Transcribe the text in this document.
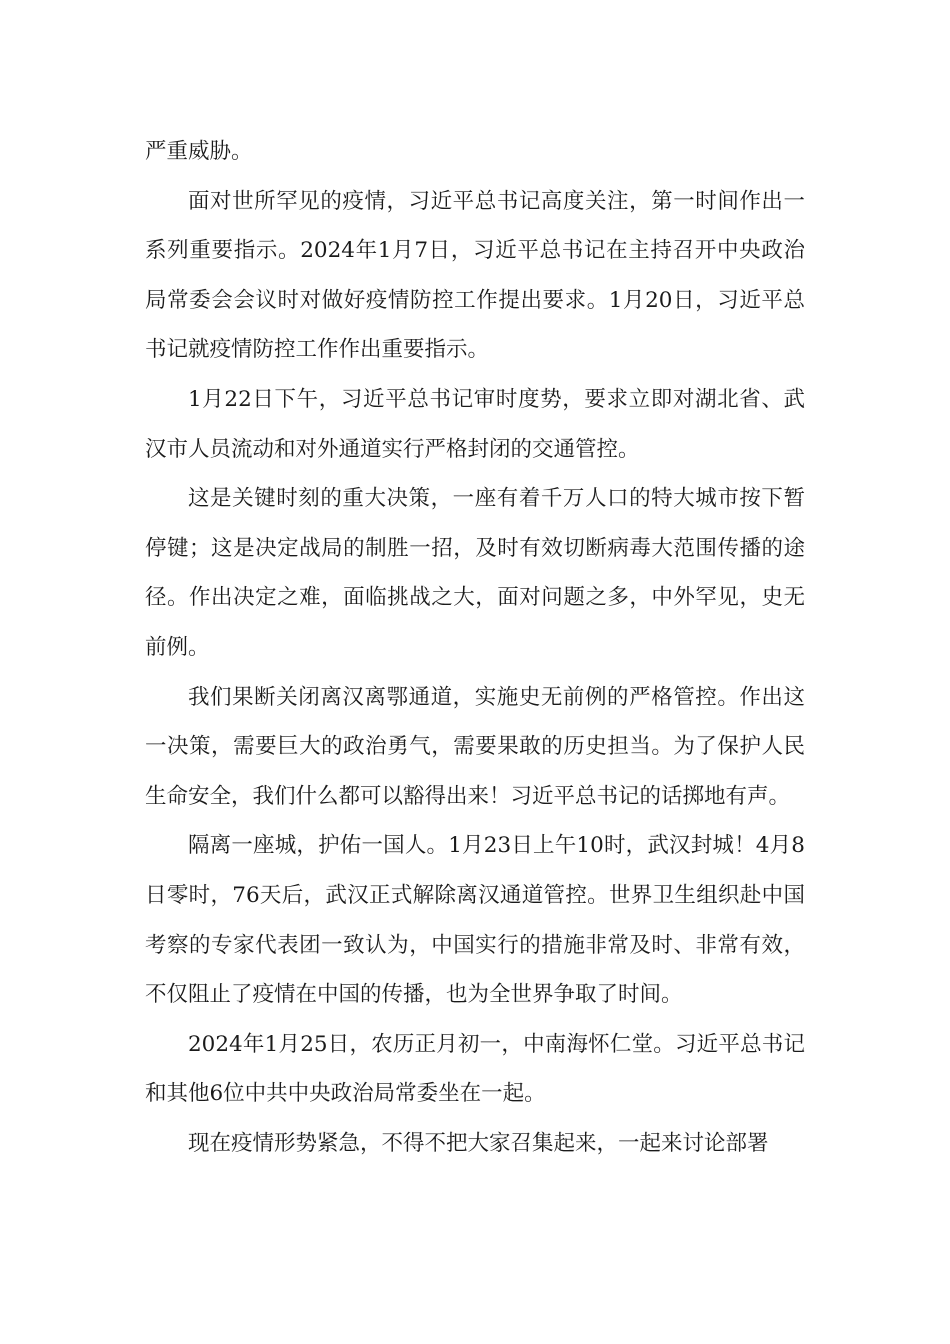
严重威胁。

面对世所罕见的疫情，习近平总书记高度关注，第一时间作出一系列重要指示。2024年1月7日，习近平总书记在主持召开中央政治局常委会会议时对做好疫情防控工作提出要求。1月20日，习近平总书记就疫情防控工作作出重要指示。

1月22日下午，习近平总书记审时度势，要求立即对湖北省、武汉市人员流动和对外通道实行严格封闭的交通管控。

这是关键时刻的重大决策，一座有着千万人口的特大城市按下暂停键；这是决定战局的制胜一招，及时有效切断病毒大范围传播的途径。作出决定之难，面临挑战之大，面对问题之多，中外罕见，史无前例。

我们果断关闭离汉离鄂通道，实施史无前例的严格管控。作出这一决策，需要巨大的政治勇气，需要果敢的历史担当。为了保护人民生命安全，我们什么都可以豁得出来！习近平总书记的话掷地有声。

隔离一座城，护佑一国人。1月23日上午10时，武汉封城！4月8日零时，76天后，武汉正式解除离汉通道管控。世界卫生组织赴中国考察的专家代表团一致认为，中国实行的措施非常及时、非常有效，不仅阻止了疫情在中国的传播，也为全世界争取了时间。

2024年1月25日，农历正月初一，中南海怀仁堂。习近平总书记和其他6位中共中央政治局常委坐在一起。

现在疫情形势紧急，不得不把大家召集起来，一起来讨论部署
